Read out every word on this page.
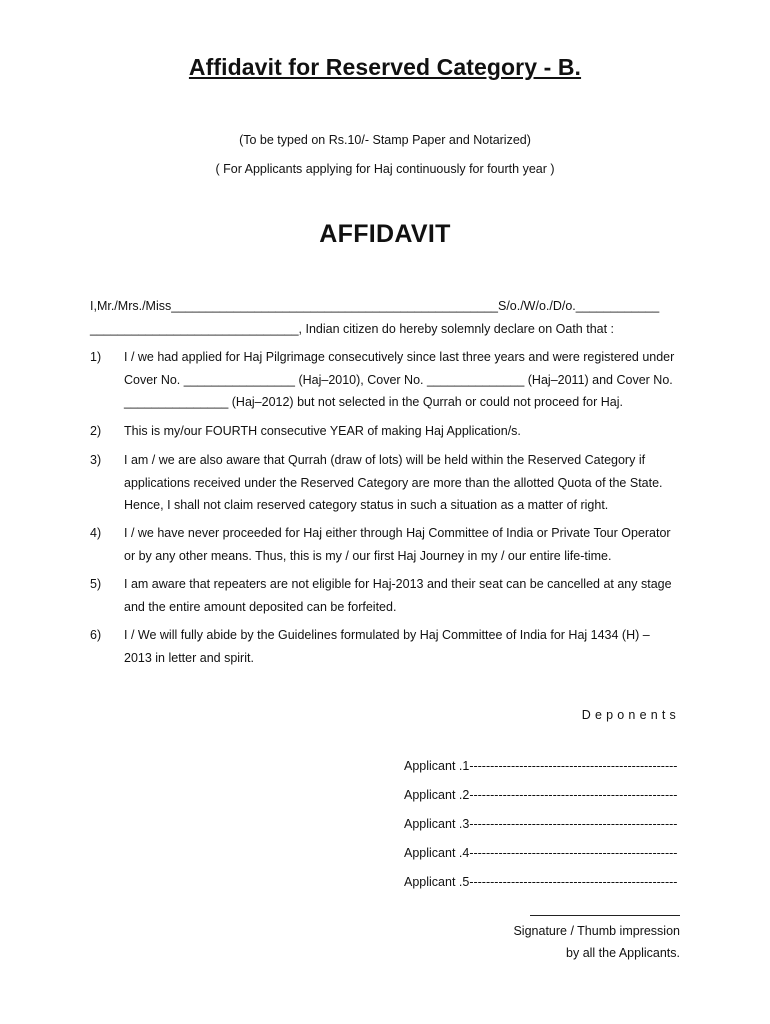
Affidavit for Reserved Category - B.
(To be typed on Rs.10/- Stamp Paper and Notarized)
( For Applicants applying for Haj continuously for fourth year )
AFFIDAVIT
I,Mr./Mrs./Miss_______________________________________________S/o./W/o./D/o.____________
______________________________, Indian citizen do hereby solemnly declare on Oath that :
1)	I / we had applied for Haj Pilgrimage consecutively since last three years and were registered under
Cover No. ________________ (Haj–2010), Cover No. ______________ (Haj–2011) and Cover No.
_______________ (Haj–2012) but not selected in the Qurrah or could not proceed for Haj.
2)	This is my/our FOURTH consecutive YEAR of making Haj Application/s.
3)	I am / we are also aware that Qurrah (draw of lots) will be held within the Reserved Category if
applications received under the Reserved Category are more than the allotted Quota of the State.
Hence, I shall not claim reserved category status in such a situation as a matter of right.
4)	I / we have never proceeded for Haj either through Haj Committee of India or Private Tour Operator
or by any other means. Thus, this is my / our first Haj Journey in my / our entire life-time.
5)	I am aware that repeaters are not eligible for Haj-2013 and their seat can be cancelled at any stage
and the entire amount deposited can be forfeited.
6)	I / We will fully abide by the Guidelines formulated by Haj Committee of India for Haj 1434 (H) –
2013 in letter and spirit.
Deponents
Applicant .1--------------------------------------------------
Applicant .2--------------------------------------------------
Applicant .3--------------------------------------------------
Applicant .4--------------------------------------------------
Applicant .5--------------------------------------------------
Signature / Thumb impression
by all the Applicants.
